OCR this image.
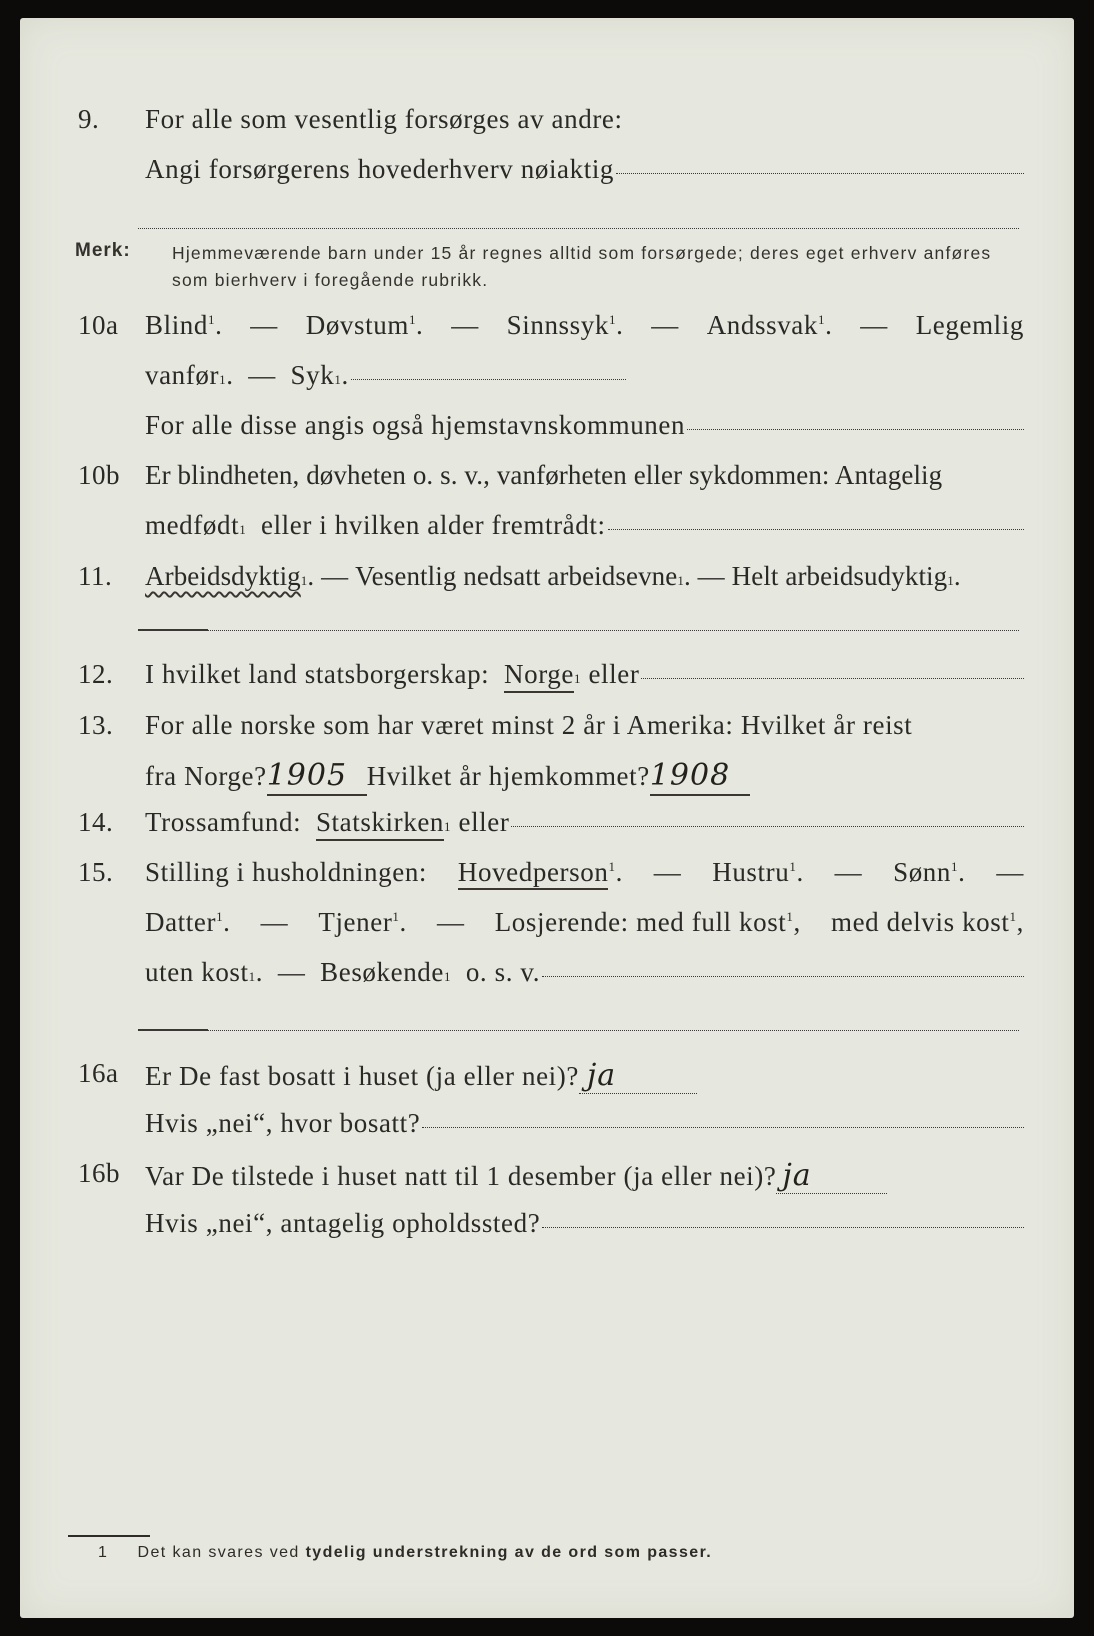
9.	For alle som vesentlig forsørges av andre:
Angi forsørgerens hovederhverv nøiaktig
Merk: Hjemmeværende barn under 15 år regnes alltid som forsørgede; deres eget erhverv anføres som bierhverv i foregående rubrikk.
10a Blind$^1$. — Døvstum$^1$. — Sinnssyk$^1$. — Andssvak$^1$. — Legemlig
vanfør 1 .  — Syk 1 .
For alle disse angis også hjemstavnskommunen
10b Er blindheten, døvheten o. s. v., vanførheten eller sykdommen: Antagelig
medfødt 1
eller i hvilken alder fremtrådt:
11.	Arbeidsdyktig 1 . — Vesentlig nedsatt arbeidsevne 1 . — Helt arbeidsudyktig 1 .
12.	I hvilket land statsborgerskap:
Norge 1
eller
13.	For alle norske som har været minst 2 år i Amerika: Hvilket år reist
fra Norge? 1905 Hvilket år hjemkommet? 1908
14.	Trossamfund:
Statskirken 1
eller
15.	Stilling i husholdningen: Hovedperson$^1$. — Hustru$^1$. — Sønn$^1$. —
Datter$^1$. — Tjener$^1$. — Losjerende: med full kost$^1$, med delvis kost$^1$,
uten kost 1 .  — Besøkende 1
o. s. v.
16a Er De fast bosatt i huset (ja eller nei)? ja
Hvis „nei“, hvor bosatt?
16b Var De tilstede i huset natt til 1 desember (ja eller nei)? ja
Hvis „nei“, antagelig opholdssted?
1 Det kan svares ved tydelig understrekning av de ord som passer.
